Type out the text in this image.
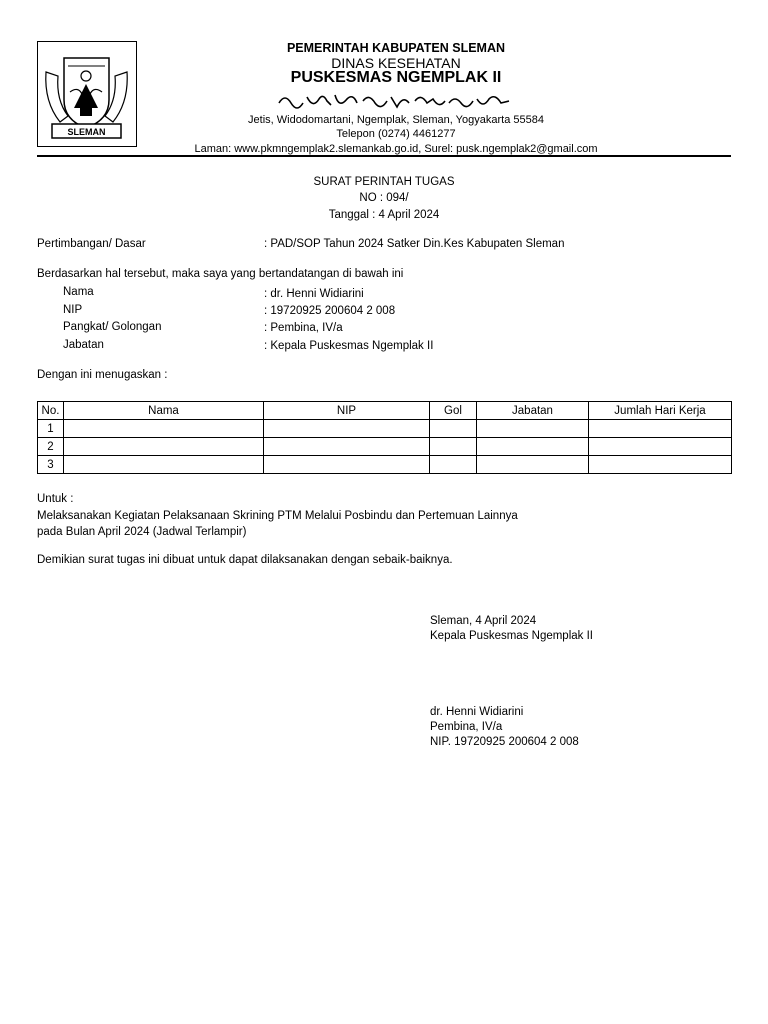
SLEMAN
PEMERINTAH KABUPATEN SLEMAN
DINAS KESEHATAN
PUSKESMAS NGEMPLAK II
Jetis, Widodomartani, Ngemplak, Sleman, Yogyakarta 55584
Telepon (0274) 4461277
Laman: www.pkmngemplak2.slemankab.go.id, Surel: pusk.ngemplak2@gmail.com
SURAT PERINTAH TUGAS
NO : 094/
Tanggal : 4 April 2024
Pertimbangan/ Dasar	: PAD/SOP Tahun 2024 Satker Din.Kes Kabupaten Sleman
Berdasarkan hal tersebut, maka saya yang bertandatangan di bawah ini
Nama	: dr. Henni Widiarini
NIP	: 19720925 200604 2 008
Pangkat/ Golongan	: Pembina, IV/a
Jabatan	: Kepala Puskesmas Ngemplak II
Dengan ini menugaskan :
No.	Nama	NIP	Gol	Jabatan	Jumlah Hari Kerja
1					
2					
3					
Untuk :
Melaksanakan Kegiatan Pelaksanaan Skrining PTM Melalui Posbindu dan Pertemuan Lainnya
pada Bulan April 2024 (Jadwal Terlampir)
Demikian surat tugas ini dibuat untuk dapat dilaksanakan dengan sebaik-baiknya.
Sleman, 4 April 2024
Kepala Puskesmas Ngemplak II
dr. Henni Widiarini
Pembina, IV/a
NIP. 19720925 200604 2 008
